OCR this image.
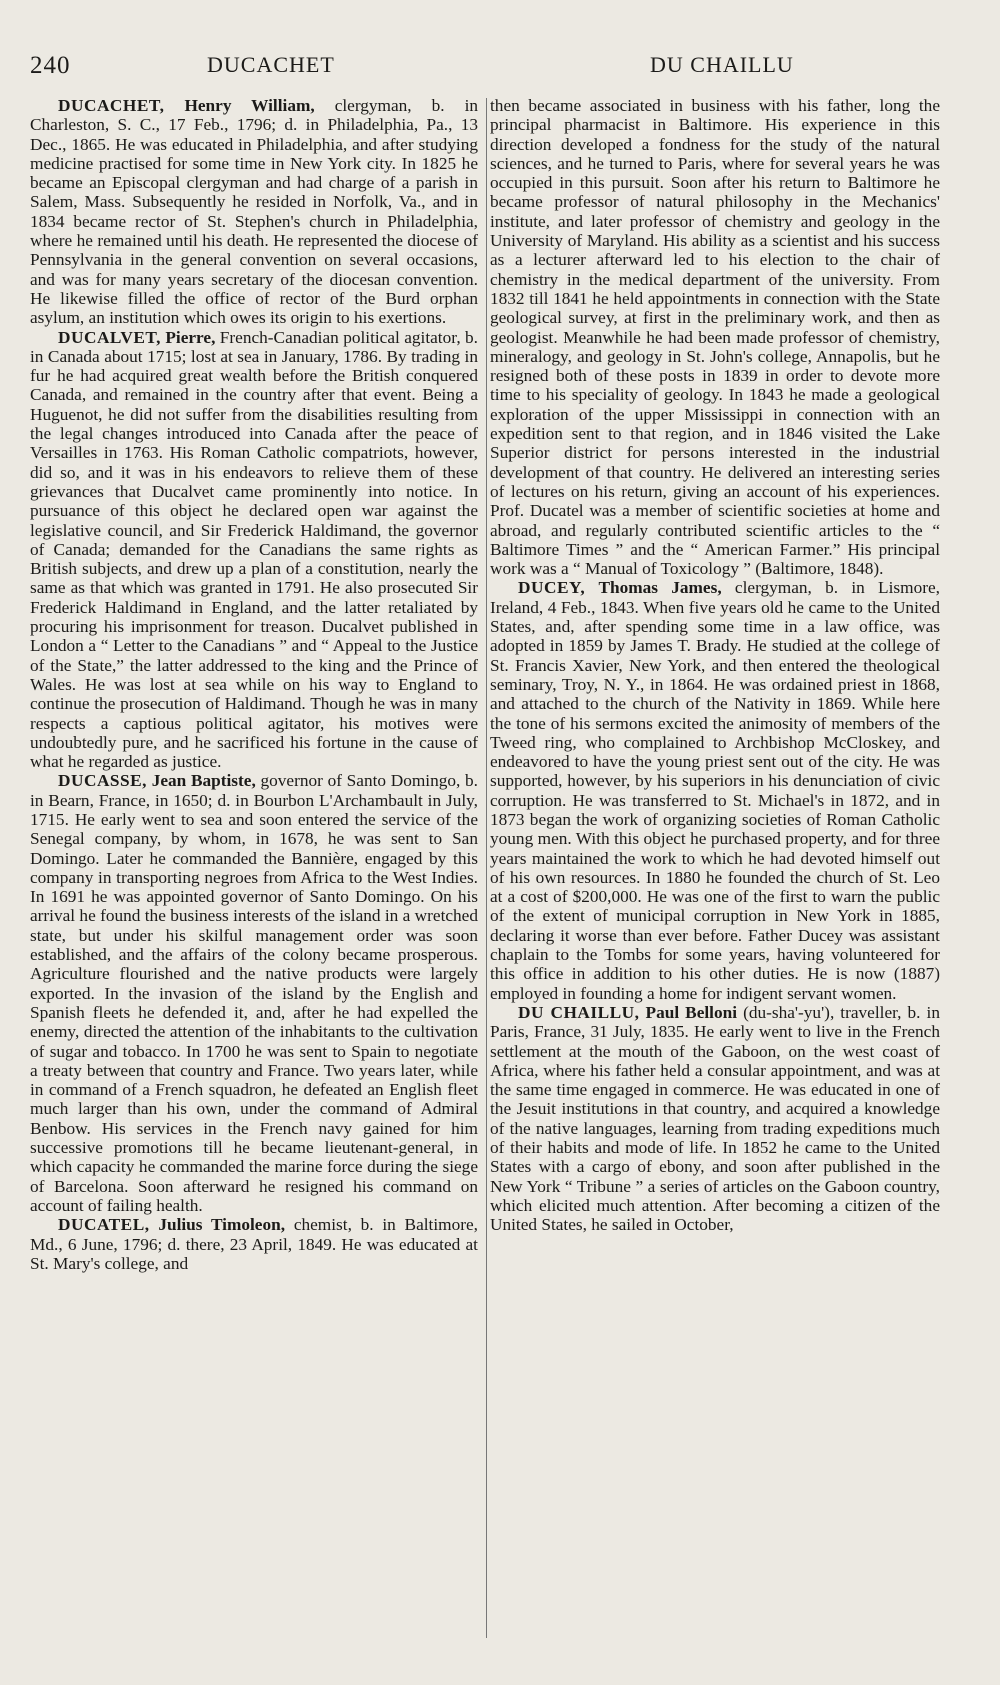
240	DUCACHET	DU CHAILLU

DUCACHET, Henry William, clergyman, b. in Charleston, S. C., 17 Feb., 1796; d. in Philadelphia, Pa., 13 Dec., 1865. He was educated in Philadelphia, and after studying medicine practised for some time in New York city. In 1825 he became an Episcopal clergyman and had charge of a parish in Salem, Mass. Subsequently he resided in Norfolk, Va., and in 1834 became rector of St. Stephen's church in Philadelphia, where he remained until his death. He represented the diocese of Pennsylvania in the general convention on several occasions, and was for many years secretary of the diocesan convention. He likewise filled the office of rector of the Burd orphan asylum, an institution which owes its origin to his exertions.

DUCALVET, Pierre, French-Canadian political agitator, b. in Canada about 1715; lost at sea in January, 1786. By trading in fur he had acquired great wealth before the British conquered Canada, and remained in the country after that event. Being a Huguenot, he did not suffer from the disabilities resulting from the legal changes introduced into Canada after the peace of Versailles in 1763. His Roman Catholic compatriots, however, did so, and it was in his endeavors to relieve them of these grievances that Ducalvet came prominently into notice. In pursuance of this object he declared open war against the legislative council, and Sir Frederick Haldimand, the governor of Canada; demanded for the Canadians the same rights as British subjects, and drew up a plan of a constitution, nearly the same as that which was granted in 1791. He also prosecuted Sir Frederick Haldimand in England, and the latter retaliated by procuring his imprisonment for treason. Ducalvet published in London a “ Letter to the Canadians ” and “ Appeal to the Justice of the State,” the latter addressed to the king and the Prince of Wales. He was lost at sea while on his way to England to continue the prosecution of Haldimand. Though he was in many respects a captious political agitator, his motives were undoubtedly pure, and he sacrificed his fortune in the cause of what he regarded as justice.

DUCASSE, Jean Baptiste, governor of Santo Domingo, b. in Bearn, France, in 1650; d. in Bourbon L'Archambault in July, 1715. He early went to sea and soon entered the service of the Senegal company, by whom, in 1678, he was sent to San Domingo. Later he commanded the Bannière, engaged by this company in transporting negroes from Africa to the West Indies. In 1691 he was appointed governor of Santo Domingo. On his arrival he found the business interests of the island in a wretched state, but under his skilful management order was soon established, and the affairs of the colony became prosperous. Agriculture flourished and the native products were largely exported. In the invasion of the island by the English and Spanish fleets he defended it, and, after he had expelled the enemy, directed the attention of the inhabitants to the cultivation of sugar and tobacco. In 1700 he was sent to Spain to negotiate a treaty between that country and France. Two years later, while in command of a French squadron, he defeated an English fleet much larger than his own, under the command of Admiral Benbow. His services in the French navy gained for him successive promotions till he became lieutenant-general, in which capacity he commanded the marine force during the siege of Barcelona. Soon afterward he resigned his command on account of failing health.

DUCATEL, Julius Timoleon, chemist, b. in Baltimore, Md., 6 June, 1796; d. there, 23 April, 1849. He was educated at St. Mary's college, and

then became associated in business with his father, long the principal pharmacist in Baltimore. His experience in this direction developed a fondness for the study of the natural sciences, and he turned to Paris, where for several years he was occupied in this pursuit. Soon after his return to Baltimore he became professor of natural philosophy in the Mechanics' institute, and later professor of chemistry and geology in the University of Maryland. His ability as a scientist and his success as a lecturer afterward led to his election to the chair of chemistry in the medical department of the university. From 1832 till 1841 he held appointments in connection with the State geological survey, at first in the preliminary work, and then as geologist. Meanwhile he had been made professor of chemistry, mineralogy, and geology in St. John's college, Annapolis, but he resigned both of these posts in 1839 in order to devote more time to his speciality of geology. In 1843 he made a geological exploration of the upper Mississippi in connection with an expedition sent to that region, and in 1846 visited the Lake Superior district for persons interested in the industrial development of that country. He delivered an interesting series of lectures on his return, giving an account of his experiences. Prof. Ducatel was a member of scientific societies at home and abroad, and regularly contributed scientific articles to the “ Baltimore Times ” and the “ American Farmer.” His principal work was a “ Manual of Toxicology ” (Baltimore, 1848).

DUCEY, Thomas James, clergyman, b. in Lismore, Ireland, 4 Feb., 1843. When five years old he came to the United States, and, after spending some time in a law office, was adopted in 1859 by James T. Brady. He studied at the college of St. Francis Xavier, New York, and then entered the theological seminary, Troy, N. Y., in 1864. He was ordained priest in 1868, and attached to the church of the Nativity in 1869. While here the tone of his sermons excited the animosity of members of the Tweed ring, who complained to Archbishop McCloskey, and endeavored to have the young priest sent out of the city. He was supported, however, by his superiors in his denunciation of civic corruption. He was transferred to St. Michael's in 1872, and in 1873 began the work of organizing societies of Roman Catholic young men. With this object he purchased property, and for three years maintained the work to which he had devoted himself out of his own resources. In 1880 he founded the church of St. Leo at a cost of $200,000. He was one of the first to warn the public of the extent of municipal corruption in New York in 1885, declaring it worse than ever before. Father Ducey was assistant chaplain to the Tombs for some years, having volunteered for this office in addition to his other duties. He is now (1887) employed in founding a home for indigent servant women.

DU CHAILLU, Paul Belloni (du-sha'-yu'), traveller, b. in Paris, France, 31 July, 1835. He early went to live in the French settlement at the mouth of the Gaboon, on the west coast of Africa, where his father held a consular appointment, and was at the same time engaged in commerce. He was educated in one of the Jesuit institutions in that country, and acquired a knowledge of the native languages, learning from trading expeditions much of their habits and mode of life. In 1852 he came to the United States with a cargo of ebony, and soon after published in the New York “ Tribune ” a series of articles on the Gaboon country, which elicited much attention. After becoming a citizen of the United States, he sailed in October,
